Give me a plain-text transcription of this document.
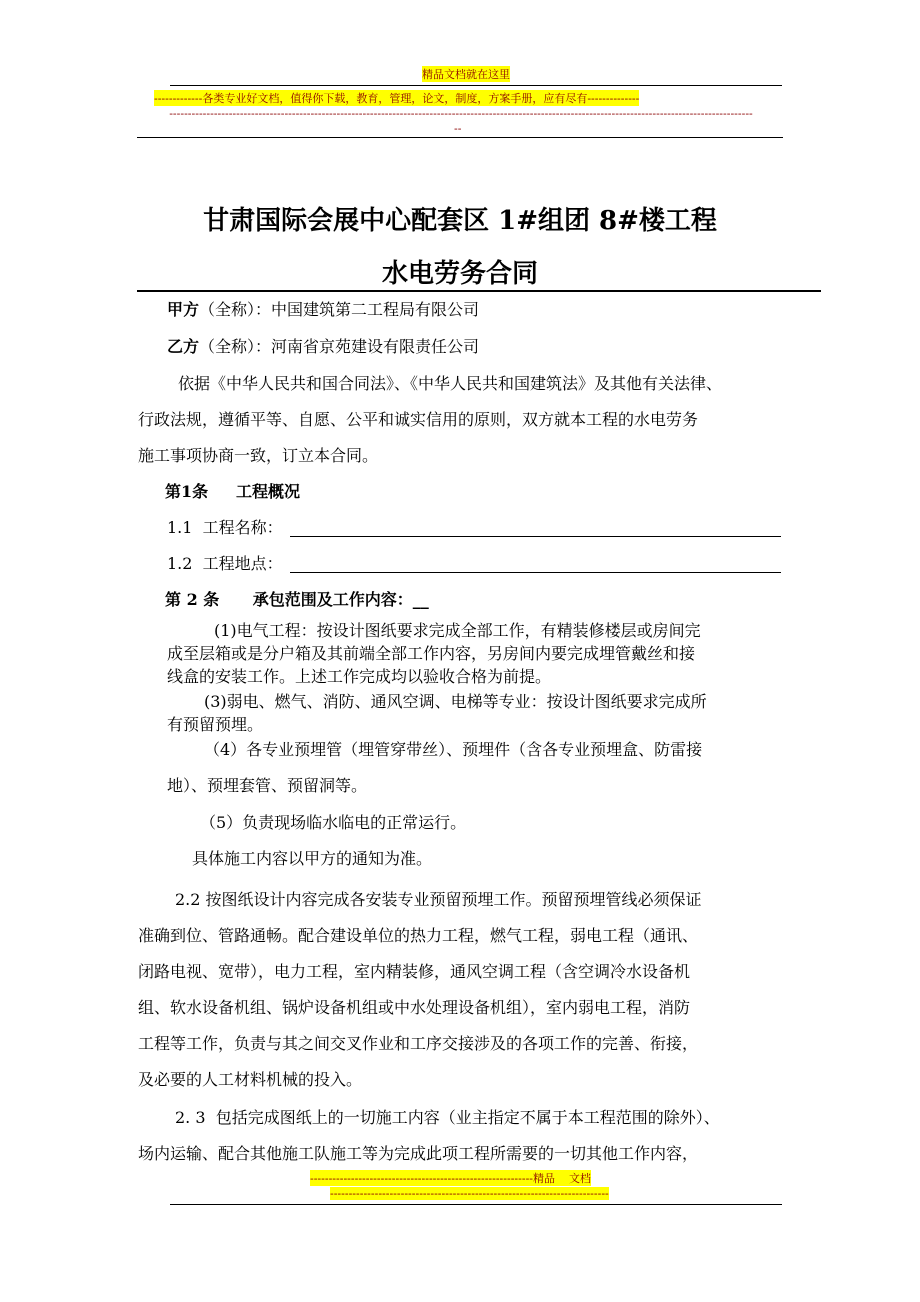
精品文档就在这里
-------------各类专业好文档，值得你下载，教育，管理，论文，制度，方案手册，应有尽有--------------
-------------------------------------------------------------------------------------------------------------------------------------------------------------
--
甘肃国际会展中心配套区 1#组团 8#楼工程
水电劳务合同
甲方（全称）：中国建筑第二工程局有限公司
乙方（全称）：河南省京苑建设有限责任公司
依据《中华人民共和国合同法》、《中华人民共和国建筑法》及其他有关法律、
行政法规，遵循平等、自愿、公平和诚实信用的原则，双方就本工程的水电劳务
施工事项协商一致，订立本合同。
第1条     工程概况
1.1  工程名称：
1.2  工程地点：
第 2 条      承包范围及工作内容：__
(1)电气工程：按设计图纸要求完成全部工作，有精装修楼层或房间完
成至层箱或是分户箱及其前端全部工作内容，另房间内要完成埋管戴丝和接
线盒的安装工作。上述工作完成均以验收合格为前提。
(3)弱电、燃气、消防、通风空调、电梯等专业：按设计图纸要求完成所
有预留预埋。
（4）各专业预埋管（埋管穿带丝）、预埋件（含各专业预埋盒、防雷接
地）、预埋套管、预留洞等。
（5）负责现场临水临电的正常运行。
具体施工内容以甲方的通知为准。
2.2 按图纸设计内容完成各安装专业预留预埋工作。预留预埋管线必须保证
准确到位、管路通畅。配合建设单位的热力工程，燃气工程，弱电工程（通讯、
闭路电视、宽带），电力工程，室内精装修，通风空调工程（含空调冷水设备机
组、软水设备机组、锅炉设备机组或中水处理设备机组），室内弱电工程，消防
工程等工作，负责与其之间交叉作业和工序交接涉及的各项工作的完善、衔接，
及必要的人工材料机械的投入。
2. 3  包括完成图纸上的一切施工内容（业主指定不属于本工程范围的除外）、
场内运输、配合其他施工队施工等为完成此项工程所需要的一切其他工作内容，
------------------------------------------------------------精品    文档
---------------------------------------------------------------------------
